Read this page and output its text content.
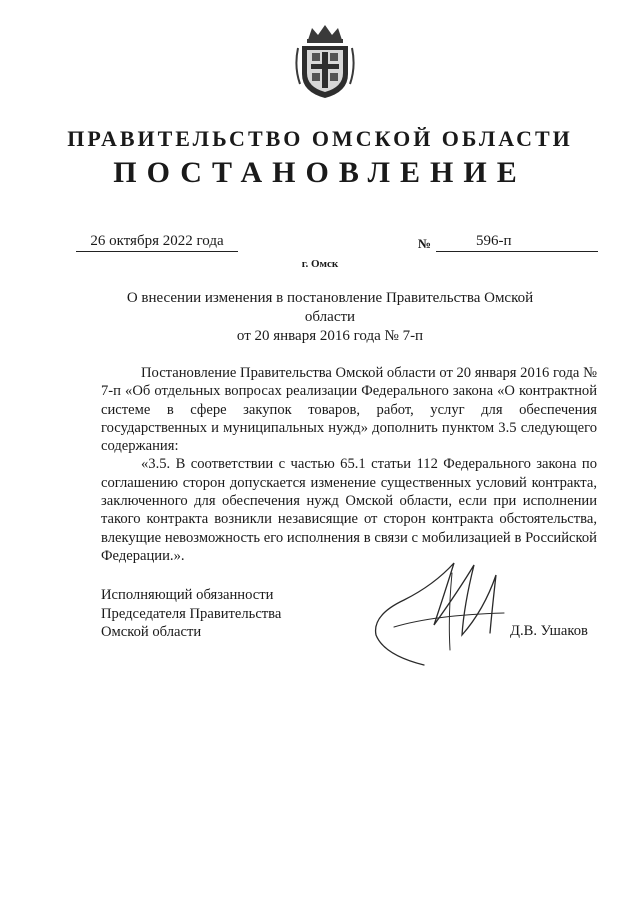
ПРАВИТЕЛЬСТВО ОМСКОЙ ОБЛАСТИ
ПОСТАНОВЛЕНИЕ
26 октября 2022 года	№	596-п
г. Омск
О внесении изменения в постановление Правительства Омской области
от 20 января 2016 года № 7-п

Постановление Правительства Омской области от 20 января 2016 года № 7-п «Об отдельных вопросах реализации Федерального закона «О контрактной системе в сфере закупок товаров, работ, услуг для обеспечения государственных и муниципальных нужд» дополнить пунктом 3.5 следующего содержания:

«3.5. В соответствии с частью 65.1 статьи 112 Федерального закона по соглашению сторон допускается изменение существенных условий контракта, заключенного для обеспечения нужд Омской области, если при исполнении такого контракта возникли независящие от сторон контракта обстоятельства, влекущие невозможность его исполнения в связи с мобилизацией в Российской Федерации.».

Исполняющий обязанности
Председателя Правительства
Омской области	Д.В. Ушаков
